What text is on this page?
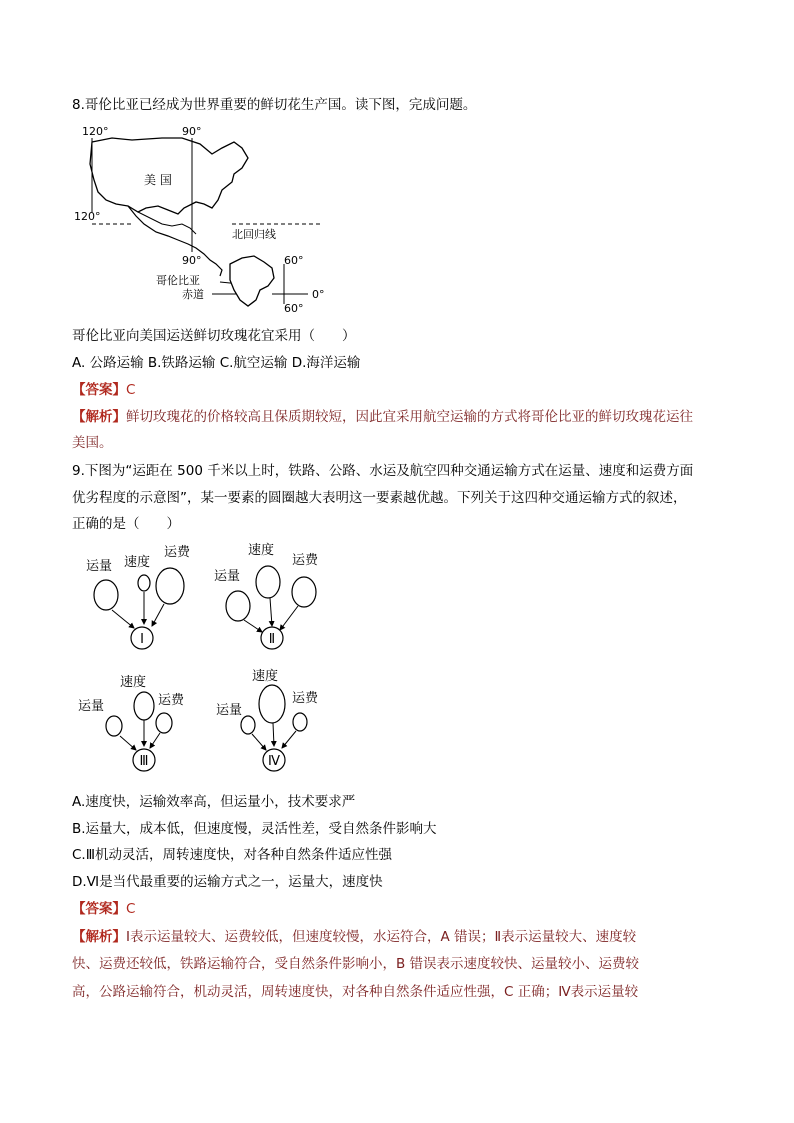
8.哥伦比亚已经成为世界重要的鲜切花生产国。读下图，完成问题。
120°	90°
美 国
120°
北回归线
90°	60°
哥伦比亚
赤道	0°
60°
哥伦比亚向美国运送鲜切玫瑰花宜采用（　　）
A. 公路运输 B.铁路运输 C.航空运输 D.海洋运输
【答案】C
【解析】鲜切玫瑰花的价格较高且保质期较短，因此宜采用航空运输的方式将哥伦比亚的鲜切玫瑰花运往
美国。
9.下图为“运距在 500 千米以上时，铁路、公路、水运及航空四种交通运输方式在运量、速度和运费方面
优劣程度的示意图”，某一要素的圆圈越大表明这一要素越优越。下列关于这四种交通运输方式的叙述，
正确的是（　　）
运量 速度
运费
Ⅰ
速度
运量
运费
Ⅱ
速度
运量	运费
Ⅲ
速度
运量
运费
Ⅳ
A.速度快，运输效率高，但运量小，技术要求严
B.运量大，成本低，但速度慢，灵活性差，受自然条件影响大
C.Ⅲ机动灵活，周转速度快，对各种自然条件适应性强
D.Ⅵ是当代最重要的运输方式之一，运量大，速度快
【答案】C
【解析】Ⅰ表示运量较大、运费较低，但速度较慢，水运符合，A 错误；Ⅱ表示运量较大、速度较
快、运费还较低，铁路运输符合，受自然条件影响小，B 错误表示速度较快、运量较小、运费较
高，公路运输符合，机动灵活，周转速度快，对各种自然条件适应性强，C 正确；Ⅳ表示运量较
